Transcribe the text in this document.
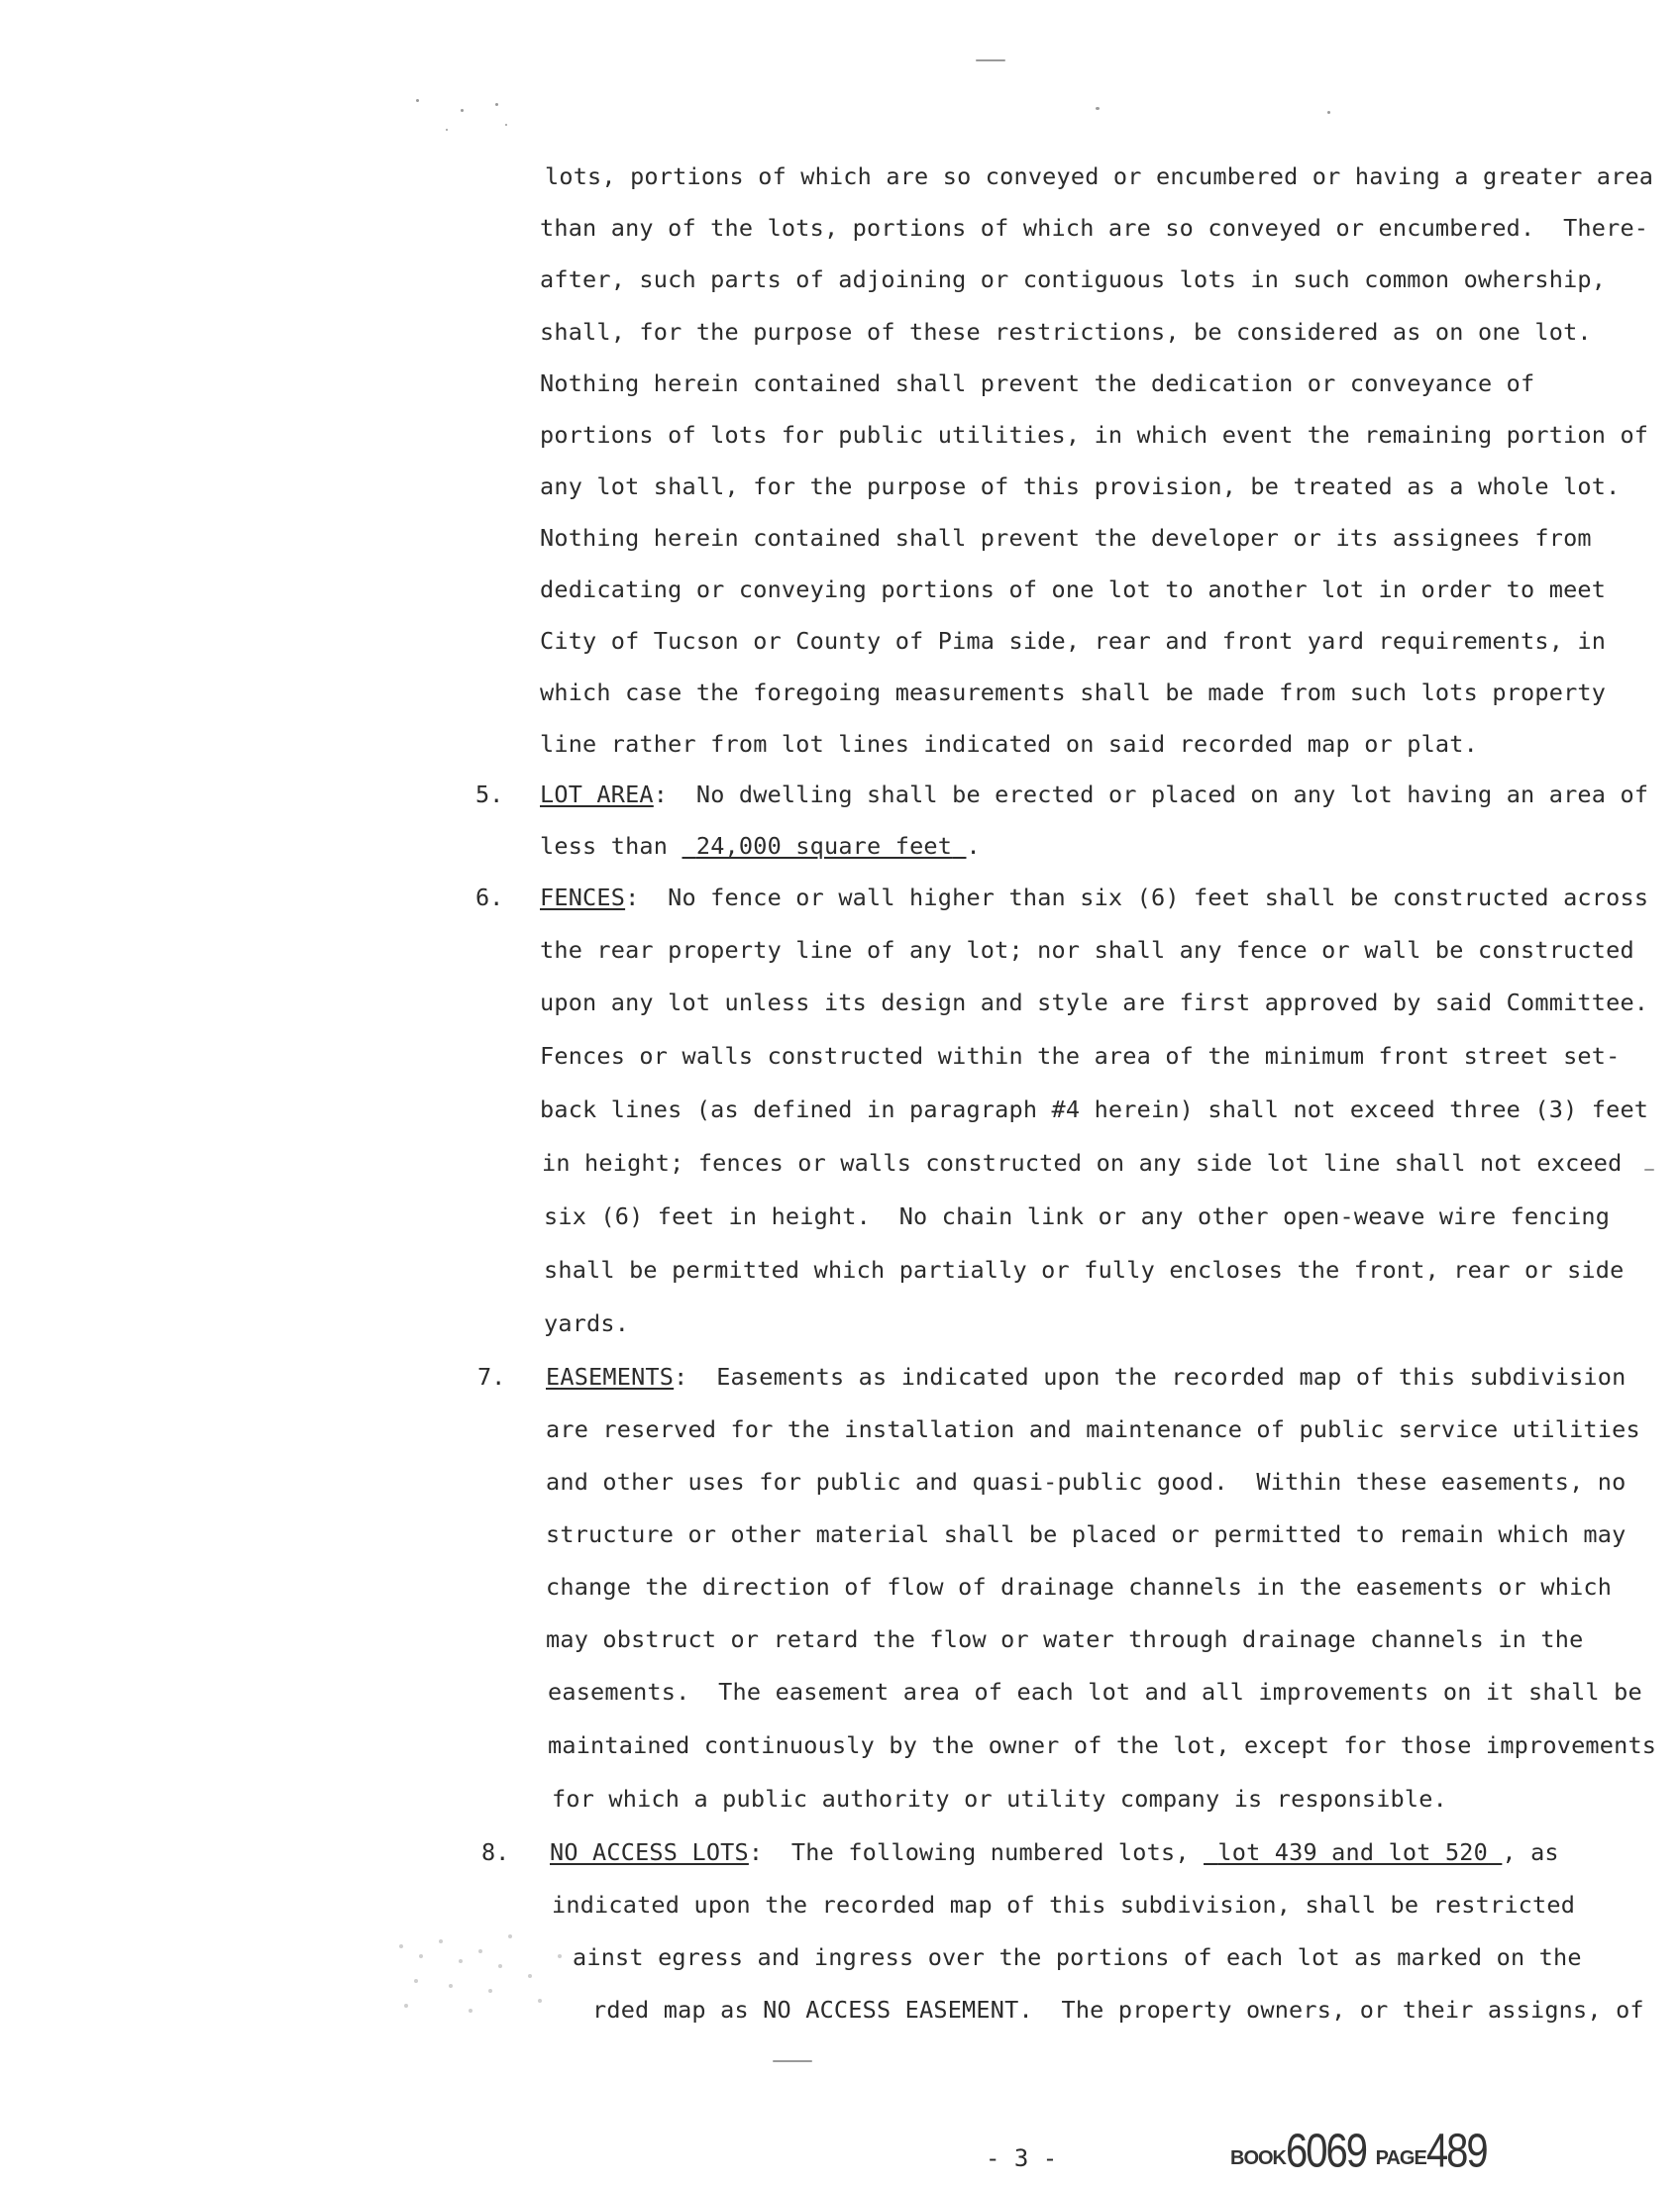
lots, portions of which are so conveyed or encumbered or having a greater area
than any of the lots, portions of which are so conveyed or encumbered.  There-
after, such parts of adjoining or contiguous lots in such common owhership,
shall, for the purpose of these restrictions, be considered as on one lot.
Nothing herein contained shall prevent the dedication or conveyance of
portions of lots for public utilities, in which event the remaining portion of
any lot shall, for the purpose of this provision, be treated as a whole lot.
Nothing herein contained shall prevent the developer or its assignees from
dedicating or conveying portions of one lot to another lot in order to meet
City of Tucson or County of Pima side, rear and front yard requirements, in
which case the foregoing measurements shall be made from such lots property
line rather from lot lines indicated on said recorded map or plat.
5. LOT AREA:  No dwelling shall be erected or placed on any lot having an area of
less than  24,000 square feet .
6. FENCES:  No fence or wall higher than six (6) feet shall be constructed across
the rear property line of any lot; nor shall any fence or wall be constructed
upon any lot unless its design and style are first approved by said Committee.
Fences or walls constructed within the area of the minimum front street set-
back lines (as defined in paragraph #4 herein) shall not exceed three (3) feet
in height; fences or walls constructed on any side lot line shall not exceed
six (6) feet in height.  No chain link or any other open-weave wire fencing
shall be permitted which partially or fully encloses the front, rear or side
yards.
7. EASEMENTS:  Easements as indicated upon the recorded map of this subdivision
are reserved for the installation and maintenance of public service utilities
and other uses for public and quasi-public good.  Within these easements, no
structure or other material shall be placed or permitted to remain which may
change the direction of flow of drainage channels in the easements or which
may obstruct or retard the flow or water through drainage channels in the
easements.  The easement area of each lot and all improvements on it shall be
maintained continuously by the owner of the lot, except for those improvements
for which a public authority or utility company is responsible.
8. NO ACCESS LOTS:  The following numbered lots,  lot 439 and lot 520 , as
indicated upon the recorded map of this subdivision, shall be restricted
ainst egress and ingress over the portions of each lot as marked on the
rded map as NO ACCESS EASEMENT.  The property owners, or their assigns, of
- 3 -	BOOK6069 PAGE489
